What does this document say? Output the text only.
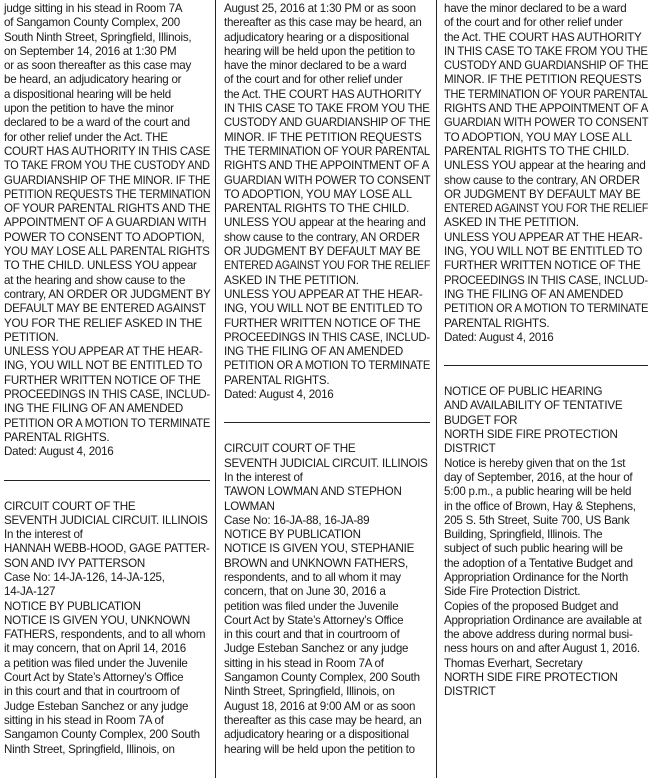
judge sitting in his stead in Room 7A
of Sangamon County Complex, 200
South Ninth Street, Springfield, Illinois,
on September 14, 2016 at 1:30 PM
or as soon thereafter as this case may
be heard, an adjudicatory hearing or
a dispositional hearing will be held
upon the petition to have the minor
declared to be a ward of the court and
for other relief under the Act. THE
COURT HAS AUTHORITY IN THIS CASE
TO TAKE FROM YOU THE CUSTODY AND
GUARDIANSHIP OF THE MINOR. IF THE
PETITION REQUESTS THE TERMINATION
OF YOUR PARENTAL RIGHTS AND THE
APPOINTMENT OF A GUARDIAN WITH
POWER TO CONSENT TO ADOPTION,
YOU MAY LOSE ALL PARENTAL RIGHTS
TO THE CHILD. UNLESS YOU appear
at the hearing and show cause to the
contrary, AN ORDER OR JUDGMENT BY
DEFAULT MAY BE ENTERED AGAINST
YOU FOR THE RELIEF ASKED IN THE
PETITION.
UNLESS YOU APPEAR AT THE HEAR-
ING, YOU WILL NOT BE ENTITLED TO
FURTHER WRITTEN NOTICE OF THE
PROCEEDINGS IN THIS CASE, INCLUD-
ING THE FILING OF AN AMENDED
PETITION OR A MOTION TO TERMINATE
PARENTAL RIGHTS.
Dated: August 4, 2016
CIRCUIT COURT OF THE
SEVENTH JUDICIAL CIRCUIT. ILLINOIS
In the interest of
HANNAH WEBB-HOOD, GAGE PATTER-
SON AND IVY PATTERSON
Case No: 14-JA-126, 14-JA-125,
14-JA-127
NOTICE BY PUBLICATION
NOTICE IS GIVEN YOU, UNKNOWN
FATHERS, respondents, and to all whom
it may concern, that on April 14, 2016
a petition was filed under the Juvenile
Court Act by State’s Attorney’s Office
in this court and that in courtroom of
Judge Esteban Sanchez or any judge
sitting in his stead in Room 7A of
Sangamon County Complex, 200 South
Ninth Street, Springfield, Illinois, on
August 25, 2016 at 1:30 PM or as soon
thereafter as this case may be heard, an
adjudicatory hearing or a dispositional
hearing will be held upon the petition to
have the minor declared to be a ward
of the court and for other relief under
the Act. THE COURT HAS AUTHORITY
IN THIS CASE TO TAKE FROM YOU THE
CUSTODY AND GUARDIANSHIP OF THE
MINOR. IF THE PETITION REQUESTS
THE TERMINATION OF YOUR PARENTAL
RIGHTS AND THE APPOINTMENT OF A
GUARDIAN WITH POWER TO CONSENT
TO ADOPTION, YOU MAY LOSE ALL
PARENTAL RIGHTS TO THE CHILD.
UNLESS YOU appear at the hearing and
show cause to the contrary, AN ORDER
OR JUDGMENT BY DEFAULT MAY BE
ENTERED AGAINST YOU FOR THE RELIEF
ASKED IN THE PETITION.
UNLESS YOU APPEAR AT THE HEAR-
ING, YOU WILL NOT BE ENTITLED TO
FURTHER WRITTEN NOTICE OF THE
PROCEEDINGS IN THIS CASE, INCLUD-
ING THE FILING OF AN AMENDED
PETITION OR A MOTION TO TERMINATE
PARENTAL RIGHTS.
Dated: August 4, 2016
CIRCUIT COURT OF THE
SEVENTH JUDICIAL CIRCUIT. ILLINOIS
In the interest of
TAWON LOWMAN AND STEPHON
LOWMAN
Case No: 16-JA-88, 16-JA-89
NOTICE BY PUBLICATION
NOTICE IS GIVEN YOU, STEPHANIE
BROWN and UNKNOWN FATHERS,
respondents, and to all whom it may
concern, that on June 30, 2016 a
petition was filed under the Juvenile
Court Act by State’s Attorney’s Office
in this court and that in courtroom of
Judge Esteban Sanchez or any judge
sitting in his stead in Room 7A of
Sangamon County Complex, 200 South
Ninth Street, Springfield, Illinois, on
August 18, 2016 at 9:00 AM or as soon
thereafter as this case may be heard, an
adjudicatory hearing or a dispositional
hearing will be held upon the petition to
have the minor declared to be a ward
of the court and for other relief under
the Act. THE COURT HAS AUTHORITY
IN THIS CASE TO TAKE FROM YOU THE
CUSTODY AND GUARDIANSHIP OF THE
MINOR. IF THE PETITION REQUESTS
THE TERMINATION OF YOUR PARENTAL
RIGHTS AND THE APPOINTMENT OF A
GUARDIAN WITH POWER TO CONSENT
TO ADOPTION, YOU MAY LOSE ALL
PARENTAL RIGHTS TO THE CHILD.
UNLESS YOU appear at the hearing and
show cause to the contrary, AN ORDER
OR JUDGMENT BY DEFAULT MAY BE
ENTERED AGAINST YOU FOR THE RELIEF
ASKED IN THE PETITION.
UNLESS YOU APPEAR AT THE HEAR-
ING, YOU WILL NOT BE ENTITLED TO
FURTHER WRITTEN NOTICE OF THE
PROCEEDINGS IN THIS CASE, INCLUD-
ING THE FILING OF AN AMENDED
PETITION OR A MOTION TO TERMINATE
PARENTAL RIGHTS.
Dated: August 4, 2016
NOTICE OF PUBLIC HEARING
AND AVAILABILITY OF TENTATIVE
BUDGET FOR
NORTH SIDE FIRE PROTECTION
DISTRICT
Notice is hereby given that on the 1st
day of September, 2016, at the hour of
5:00 p.m., a public hearing will be held
in the office of Brown, Hay & Stephens,
205 S. 5th Street, Suite 700, US Bank
Building, Springfield, Illinois. The
subject of such public hearing will be
the adoption of a Tentative Budget and
Appropriation Ordinance for the North
Side Fire Protection District.
Copies of the proposed Budget and
Appropriation Ordinance are available at
the above address during normal busi-
ness hours on and after August 1, 2016.
Thomas Everhart, Secretary
NORTH SIDE FIRE PROTECTION
DISTRICT
